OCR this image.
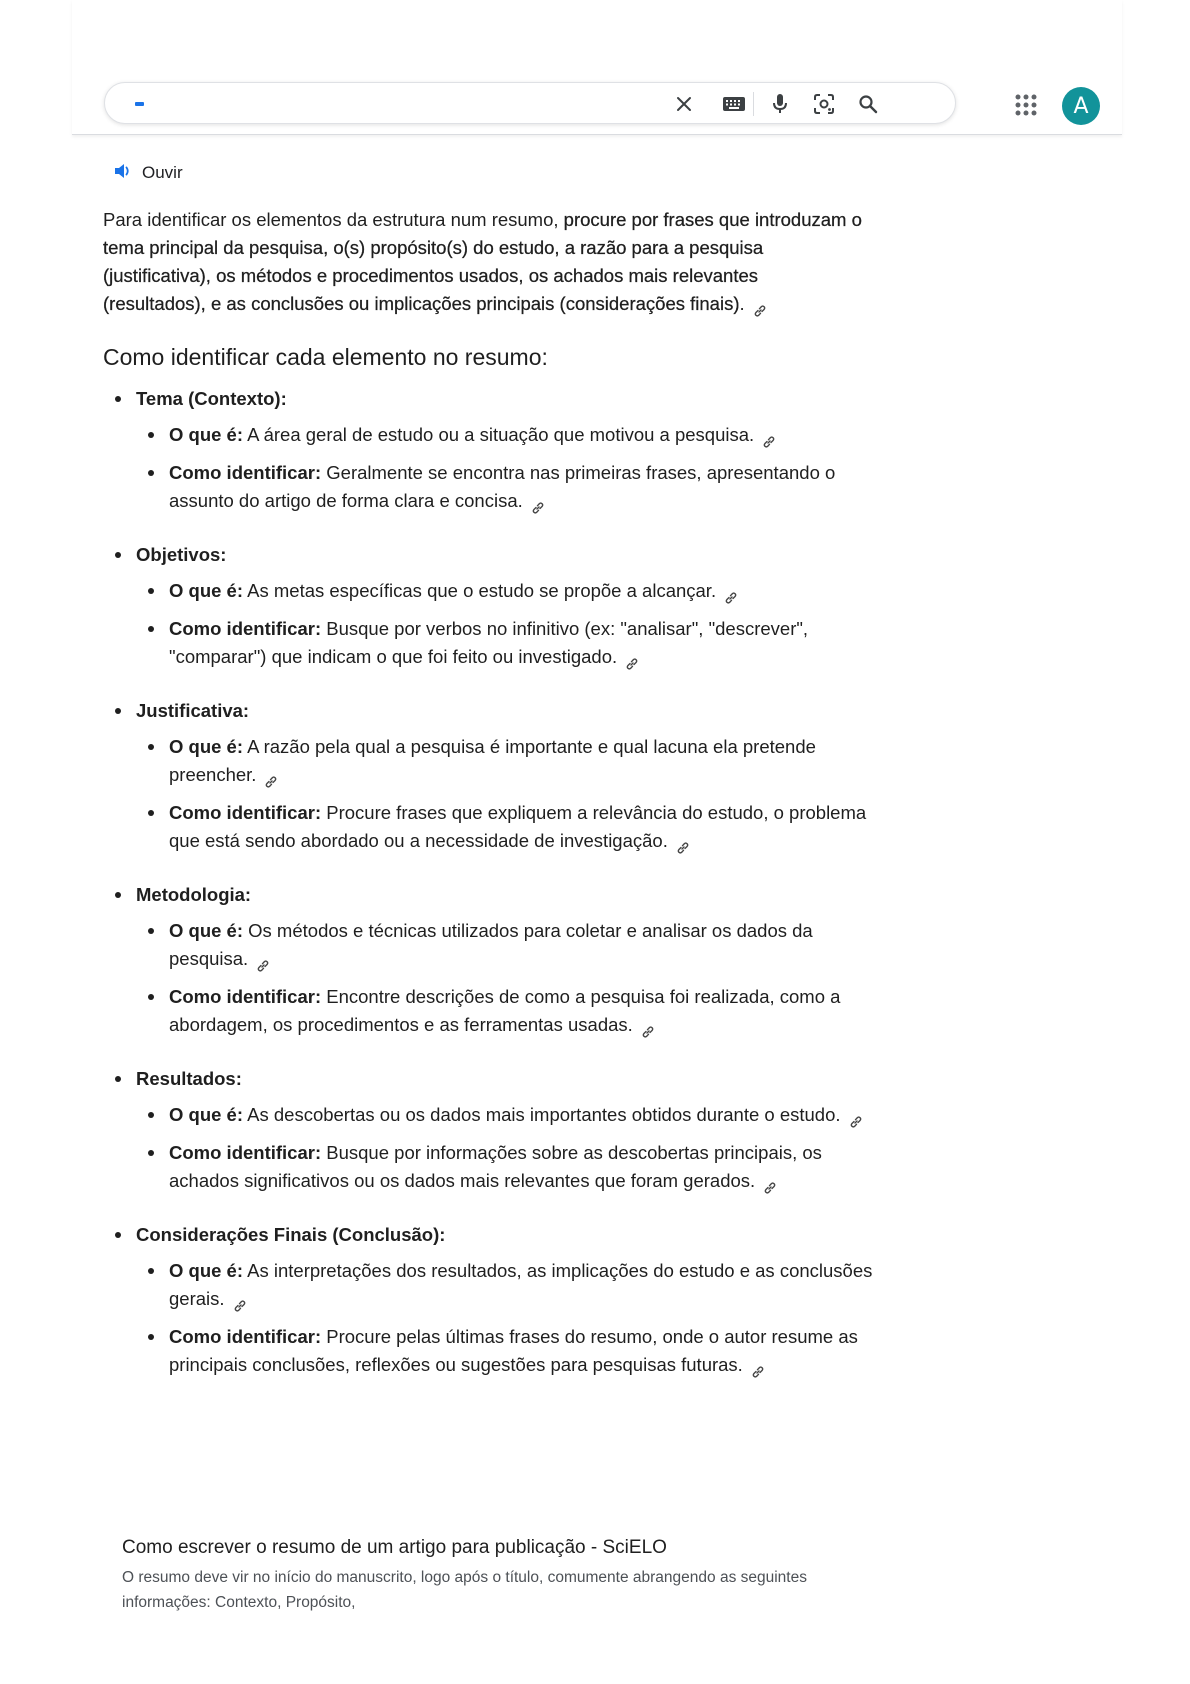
A
Ouvir

Para identificar os elementos da estrutura num resumo, procure por frases que introduzam o tema principal da pesquisa, o(s) propósito(s) do estudo, a razão para a pesquisa (justificativa), os métodos e procedimentos usados, os achados mais relevantes (resultados), e as conclusões ou implicações principais (considerações finais).

Como identificar cada elemento no resumo:
Tema (Contexto):
O que é: A área geral de estudo ou a situação que motivou a pesquisa.
Como identificar: Geralmente se encontra nas primeiras frases, apresentando o assunto do artigo de forma clara e concisa.
Objetivos:
O que é: As metas específicas que o estudo se propõe a alcançar.
Como identificar: Busque por verbos no infinitivo (ex: "analisar", "descrever", "comparar") que indicam o que foi feito ou investigado.
Justificativa:
O que é: A razão pela qual a pesquisa é importante e qual lacuna ela pretende preencher.
Como identificar: Procure frases que expliquem a relevância do estudo, o problema que está sendo abordado ou a necessidade de investigação.
Metodologia:
O que é: Os métodos e técnicas utilizados para coletar e analisar os dados da pesquisa.
Como identificar: Encontre descrições de como a pesquisa foi realizada, como a abordagem, os procedimentos e as ferramentas usadas.
Resultados:
O que é: As descobertas ou os dados mais importantes obtidos durante o estudo.
Como identificar: Busque por informações sobre as descobertas principais, os achados significativos ou os dados mais relevantes que foram gerados.
Considerações Finais (Conclusão):
O que é: As interpretações dos resultados, as implicações do estudo e as conclusões gerais.
Como identificar: Procure pelas últimas frases do resumo, onde o autor resume as principais conclusões, reflexões ou sugestões para pesquisas futuras.
Como escrever o resumo de um artigo para publicação - SciELO
O resumo deve vir no início do manuscrito, logo após o título, comumente abrangendo as seguintes informações: Contexto, Propósito,
